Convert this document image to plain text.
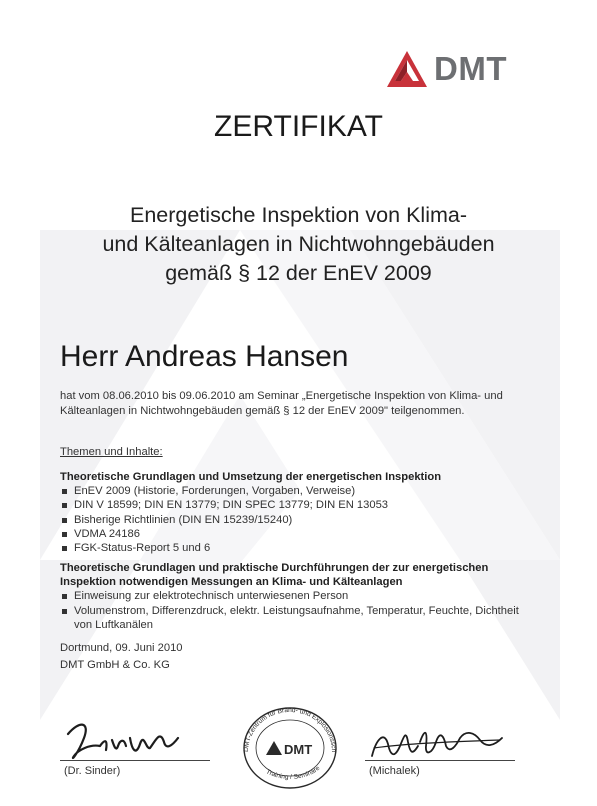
DMT
ZERTIFIKAT
Energetische Inspektion von Klima-
und Kälteanlagen in Nichtwohngebäuden
gemäß § 12 der EnEV 2009
Herr Andreas Hansen
hat vom 08.06.2010 bis 09.06.2010 am Seminar „Energetische Inspektion von Klima- und Kälteanlagen in Nichtwohngebäuden gemäß § 12 der EnEV 2009" teilgenommen.
Themen und Inhalte:
Theoretische Grundlagen und Umsetzung der energetischen Inspektion
EnEV 2009 (Historie, Forderungen, Vorgaben, Verweise)
DIN V 18599; DIN EN 13779; DIN SPEC 13779; DIN EN 13053
Bisherige Richtlinien (DIN EN 15239/15240)
VDMA 24186
FGK-Status-Report 5 und 6
Theoretische Grundlagen und praktische Durchführungen der zur energetischen Inspektion notwendigen Messungen an Klima- und Kälteanlagen
Einweisung zur elektrotechnisch unterwiesenen Person
Volumenstrom, Differenzdruck, elektr. Leistungsaufnahme, Temperatur, Feuchte, Dichtheit von Luftkanälen
Dortmund, 09. Juni 2010
DMT GmbH & Co. KG
(Dr. Sinder)	(Michalek)
DMT-Zentrum für Brand- und Explosionssch
DMT
Training / Seminare
